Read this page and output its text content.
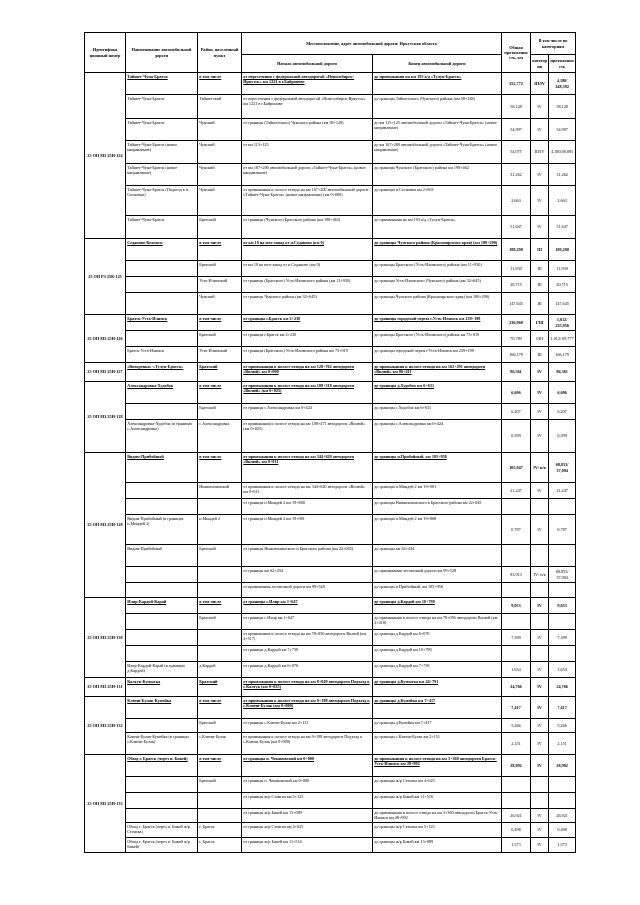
Идентифика ционный номер	Наименование автомобильной дороги	Район, населенный пункт	Местоположение, адрес автомобильной дороги: Иркутская область		Общая протяженно сть, км	В том числе по категориям	
			Начало автомобильной дороги	Конец автомобильной дороги		категор ия	протяженно сть
25 ОП МЗ 25Н-124	Тайшет-Чуна-Братск	в том числе	от пересечения с федеральной автодорогой «Новосибирск-Иркутск» км 1221 в г.Байронове	до примыкания на км 193 а/д «Тулун-Братск»	252,772	III/IV	4,180/ 248,592
	Тайшет-Чуна-Братск	Тайшетский	от пересечения с федеральной автодорогой «Новосибирск-Иркутск» км 1221 в г.Байронове	до границы Тайшетского (Чунского) района (км 58+128)	58,128	IV	58,128
	Тайшет-Чуна-Братск	Чунский	от границы (Тайшетского) Чунского района (км 58+128)	до км 113+125 автомобильной дороги «Тайшет-Чуна-Братск» (новое направление)	54,997	IV	54,997
	Тайшет-Чуна-Братск (новое направление)	Чунский	от км 113+125	до км 167+200 автомобильной дороги «Тайшет-Чуна-Братск» (новое направление)	54,075	III/IV	4,180/49,895
	Тайшет-Чуна-Братск (новое направление)	Чунский	от км 167+200 автомобильной дороги «Тайшет-Чуна-Братск» (новое направление)	до границы Чунского (Братского) района км 198+462	31,262	IV	31,262
	Тайшет-Чуна-Братск (Подъезд к п. Сосновка)	Чунский	от примыкания к полосе отвода на км 167+200 автомобильной дороги «Тайшет-Чуна-Братск» (новое направление) (км 0+000)	до границы п.Сосновка км 2+663	2,663	IV	2,663
	Тайшет-Чуна-Братск	Братский	от границы (Чунского) Братского района (км 198+463)	до примыкания на км 193 а/д «Тулун-Братск»	51,647	IV	51,647
25 ОП РЗ 25К-125	Седаново-Кеженск	в том числе	от км 19 на юго-запад от п.Седаново (км 0)	до границы Чунского района (Красноярского края) (км 180+290)	180,290	III	180,290
		Братский	от км 19 на юго-запад от п.Седаново (км 0)	до границы Братского (Усть-Илимского) района (км 11+930)	11,930	III	11,930
		Усть-Илимский	от границы (Братского) Усть-Илимского района (км 11+930)	до границы Усть-Илимского (Чунского) района (км 32+645)	20,715	III	20,715
		Чунский	от границы Чунского района (км 32+645)	до границы Чунского района (Красноярского края) (км 180+290)	147,645	III	147,645
25 ОП МЗ 25Н-126	Братск-Усть-Илимск	в том числе	от границы г.Братск км 2+230	до границы городской черты г.Усть-Илимск км 239+198	236,968	I/III	1,012/ 235,956
		Братский	от границы г.Братск км 2+230	до границы Братского (Усть-Илимского) района км 73+019	70,789	I/III	1,012/ 69,777
	Братск-Усть-Илимск	Усть-Илимский	от границы (Братского) Усть-Илимского района км 73+019	до границы городской черты г.Усть-Илимск км 239+198	166,179	III	166,179
25 ОП МЗ 25Н-127	«Вихоревка»-«Тулун-Братск»	Братский	от примыкания к полосе отвода на км 128+762 автодороги «Вилюй» км 0+000	до примыкания к полосе отвода на км 162+291 автодороги «Вилюй» км 86+411	86,361	IV	86,361
25 ОП МЗ 25Н-128	Александровка-Худобок	в том числе	от примыкания к полосе отвода на км 108+318 автодороги «Вилюй» (км 0+025)	до границы д.Худобок км 6+631	6,606	IV	6,606
		Братский	от границы с.Александровка км 0+424	до границы с.Худобок км 6+631	6,207	IV	6,207
	Александровка-Худобок (в границах с.Александровка)	с.Александровка	от примыкания к полосе отвода на км 108+471 автодороги «Вилюй» (км 0+025)	до границы с.Александровка км 0+424	0,399	IV	0,399
25 ОП МЗ 25Н-129	Видим-Прибойный	в том числе	от примыкания к полосе отвода на км 344+620 автодороги «Вилюй» км 0+011	до границы п.Прибойный, км 105+958	105,947	IV/ п/к	68,853/ 37,094
		Нижнеилимский	от примыкания к полосе отвода на км 344+620 автодороги «Вилюй» км 0+011	до границы п.Миндей 2 км 19+081	21,247	IV	21,247
			от границы п.Миндей 2 км 19+868	до границы Нижнеилимского в Братского района км 22+045			
	Видим-Прибойный (в границах п.Миндей 2)	п.Миндей 2	от границы п.Миндей 2 км 19+081	до границы п.Миндей 2 км 19+868	0,787	IV	0,787
	Видим-Прибойный	Братский	от границы Нижнеилимского и Братского района (км 22+045)	до границы км 62+434			
			от границы км 62+434	до примыкания лесовозной дороги км 99+528	83,913	IV/ п/к	68,853/ 37,094
			от примыкания лесовозной дороги км 99+528	до границы п.Прибойный, км 105+958			
25 ОП МЗ 25Н-130	Илир-Кардой-Карай	в том числе	от границы с.Илир км 1+647	до границы д.Кардой км 10+799	9,053	IV	9,053
		Братский	от границы с.Илир км 1+647	до примыкания к полосе отвода на км 78+056 автодороги Вилюй (км 2+418)			
			от примыкания к полосе отвода на км 78+056 автодороги Вилюй (км 2+517)	до границы д.Кардой км 6+076	7,399	IV	7,399
			от границы д.Кардой км 7+730	до границы д.Кардой км 10+799			
	Илир-Кардой-Карай (в границах д.Кардой)	д.Кардой	от границы д.Кардой км 6+076	до границы д.Кардой км 7+730	1,654	IV	1,654
25 ОП МЗ 25Н-131	Калтук-Кумытка	Братский	от примыкания к полосе отвода на км 8+049 автодороги Подъезд к с.Калтук (км 0+025)	до границы д.Кумытка км 24+791	24,766	IV	24,766
25 ОП МЗ 25Н-132	Ключи-Булак-Кумейка	в том числе	от примыкания к полосе отвода на км 9+198 автодороги Подъезд к с.Ключи-Булак (км 0+000)	до границы д.Кумейка км 7+417	7,417	IV	7,417
		Братский	от границы с.Ключи-Булак км 2+151	до границы д.Кумейка км 7+417	5,266	IV	5,266
	Ключи-Булак-Кумейка (в границах с.Ключи-Булак)	с.Ключи-Булак	от примыкания к полосе отвода на км 9+198 автодороги Подъезд к с.Ключи-Булак (км 0+000)	до границы с.Ключи-Булак км 2+151	2,151	IV	2,151
25 ОП МЗ 25Н-133	Обход г. Братск (через п. Бикей)	в том числе	от границы п. Чекановский км 0+000	до примыкания к полосе отвода на км 3+360 автодороги Братск-Усть-Илимск км 28+992	28,992	IV	28,992
		Братский	от границы п. Чекановский км 0+000	до границы ж/р Стенгка км 4+623			
			от границы ж/р Стенгка км 5+123	до границы ж/р Бикей км 11+516			
			от границы ж/р Бикей км 13+089	до примыкания к полосе отвода на км 3+360 автодороги Братск-Усть-Илимск км 28+992	26,921	IV	26,921
	Обход г. Братск (через п. Бикей ж/р Стенгка)	г. Братск	от границы ж/р Стенгка км 4+625	до границы ж/р Стенгка км 5+123	0,498	IV	0,498
	Обход г. Братск (через п. Бикей ж/р Бикей)	г. Братск	от границы ж/р Бикей км 11+516	до границы ж/р Бикей км 13+089	1,573	IV	1,573
